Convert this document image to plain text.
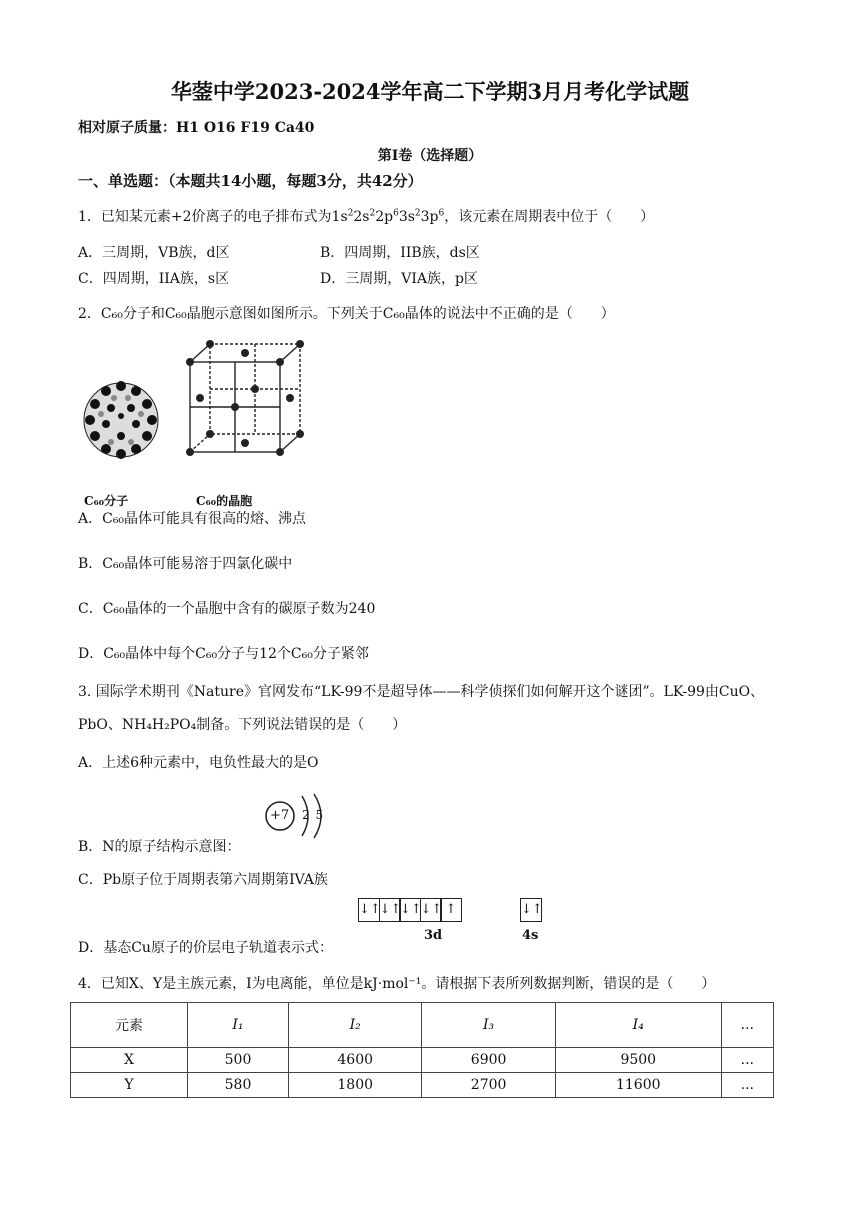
华蓥中学2023-2024学年高二下学期3月月考化学试题
相对原子质量：H1 O16 F19 Ca40
第Ⅰ卷（选择题）
一、单选题：（本题共14小题，每题3分，共42分）
1．已知某元素+2价离子的电子排布式为$1s^22s^22p^63s^23p^6$，该元素在周期表中位于（　　）
A．三周期，VB族，d区	B．四周期，IIB族，ds区
C．四周期，IIA族，s区	D．三周期，VIA族，p区
2．C₆₀分子和C₆₀晶胞示意图如图所示。下列关于C₆₀晶体的说法中不正确的是（　　）
C₆₀分子	C₆₀的晶胞
A．C₆₀晶体可能具有很高的熔、沸点
B．C₆₀晶体可能易溶于四氯化碳中
C．C₆₀晶体的一个晶胞中含有的碳原子数为240
D．C₆₀晶体中每个C₆₀分子与12个C₆₀分子紧邻
3. 国际学术期刊《Nature》官网发布“LK-99不是超导体——科学侦探们如何解开这个谜团”。LK-99由CuO、
PbO、NH₄H₂PO₄制备。下列说法错误的是（　　）
A．上述6种元素中，电负性最大的是O
+7 2 5
B．N的原子结构示意图：
C．Pb原子位于周期表第六周期第IVA族
↓↑↓↑↓↑↓↑ ↑	↓↑
3d	4s
D．基态Cu原子的价层电子轨道表示式：
4．已知X、Y是主族元素，I为电离能，单位是kJ·mol⁻¹。请根据下表所列数据判断，错误的是（　　）
元素	I₁	I₂	I₃	I₄	...
X	500	4600	6900	9500	...
Y	580	1800	2700	11600	...
